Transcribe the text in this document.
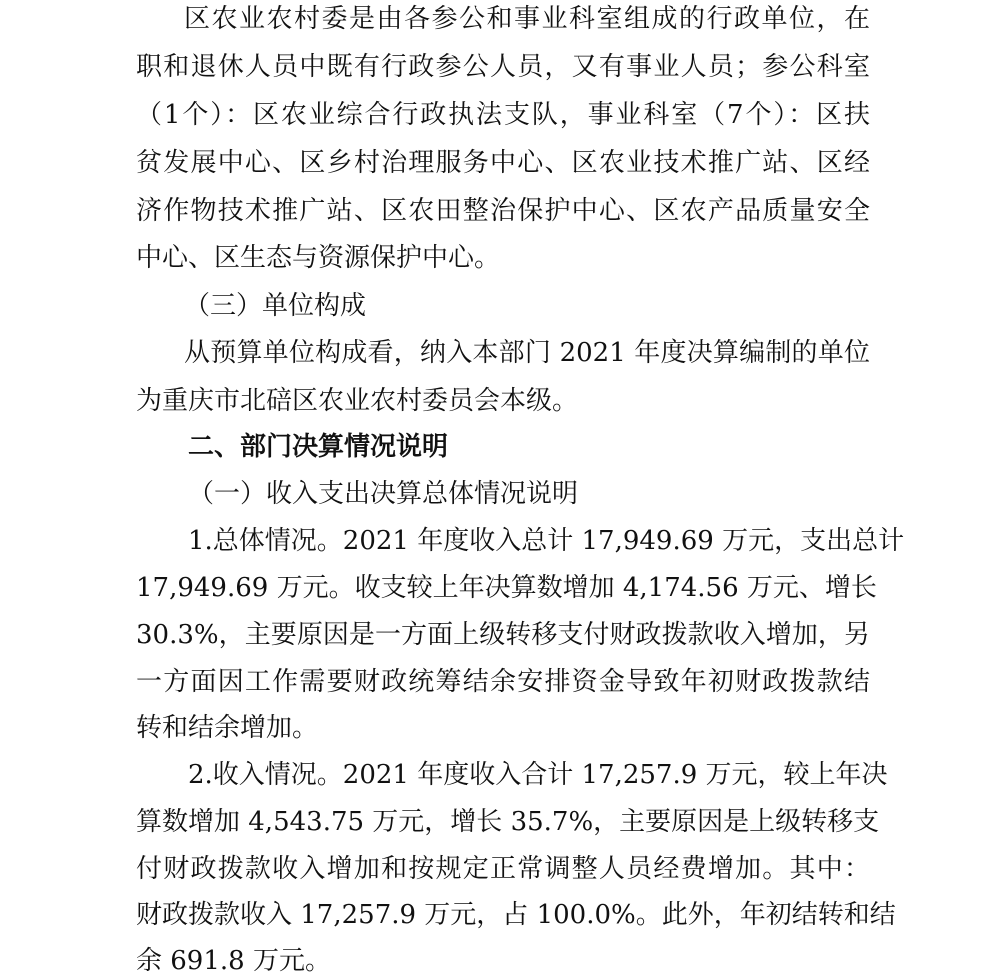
区农业农村委是由各参公和事业科室组成的行政单位，在
职和退休人员中既有行政参公人员，又有事业人员；参公科室
（1个）：区农业综合行政执法支队，事业科室（7个）：区扶
贫发展中心、区乡村治理服务中心、区农业技术推广站、区经
济作物技术推广站、区农田整治保护中心、区农产品质量安全
中心、区生态与资源保护中心。
（三）单位构成
从预算单位构成看，纳入本部门 2021 年度决算编制的单位
为重庆市北碚区农业农村委员会本级。
二、部门决算情况说明
（一）收入支出决算总体情况说明
1.总体情况。2021 年度收入总计 17,949.69 万元，支出总计
17,949.69 万元。收支较上年决算数增加 4,174.56 万元、增长
30.3%，主要原因是一方面上级转移支付财政拨款收入增加，另
一方面因工作需要财政统筹结余安排资金导致年初财政拨款结
转和结余增加。
2.收入情况。2021 年度收入合计 17,257.9 万元，较上年决
算数增加 4,543.75 万元，增长 35.7%，主要原因是上级转移支
付财政拨款收入增加和按规定正常调整人员经费增加。其中：
财政拨款收入 17,257.9 万元，占 100.0%。此外，年初结转和结
余 691.8 万元。
